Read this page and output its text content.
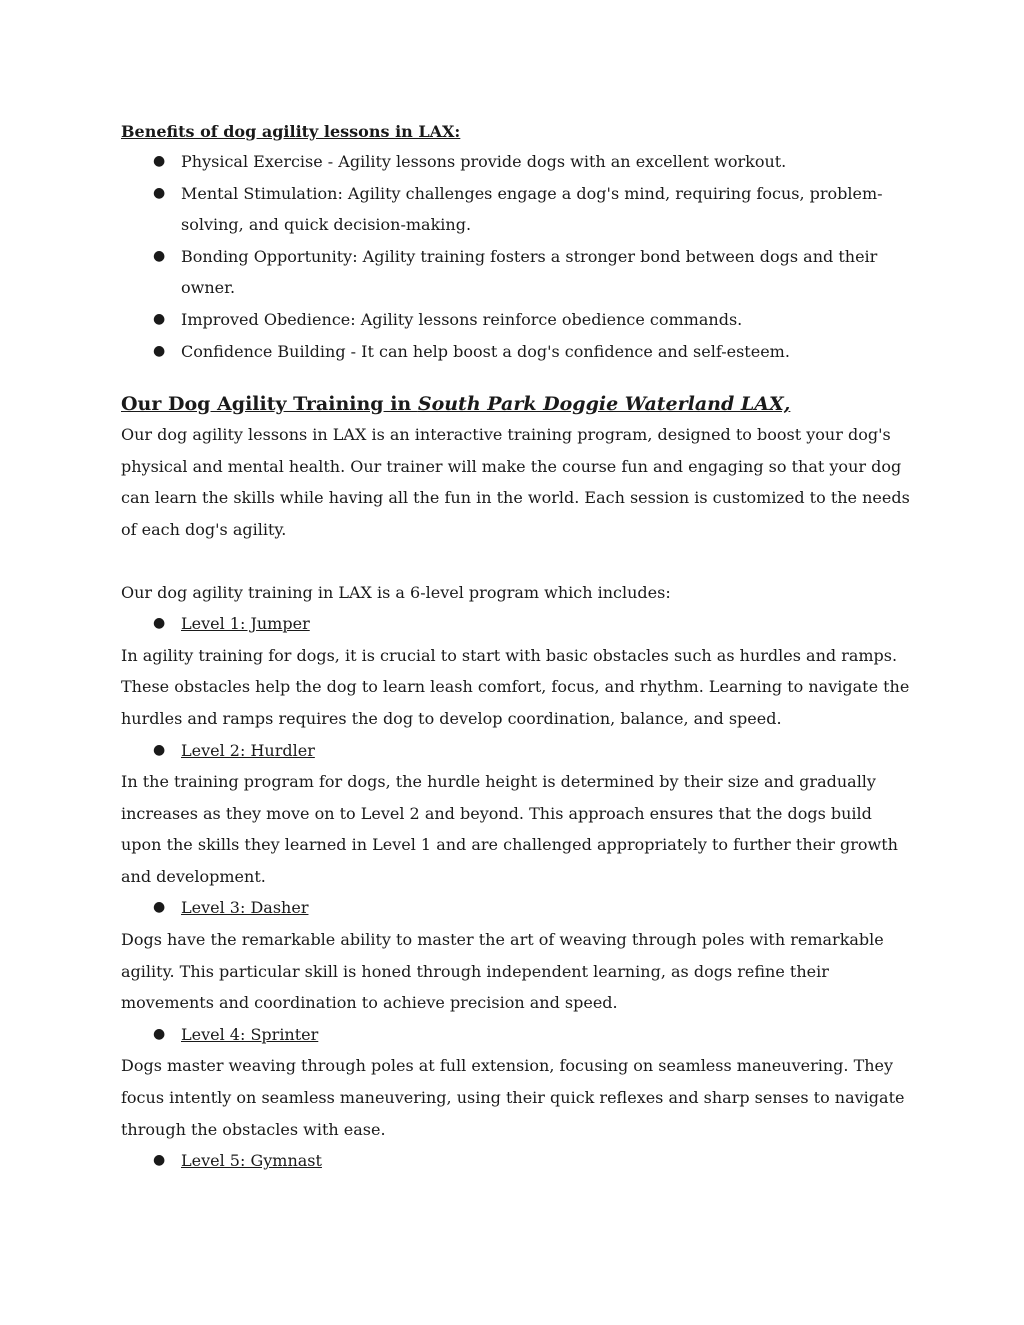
Benefits of dog agility lessons in LAX:
● Physical Exercise - Agility lessons provide dogs with an excellent workout.
● Mental Stimulation: Agility challenges engage a dog's mind, requiring focus, problem-solving, and quick decision-making.
● Bonding Opportunity: Agility training fosters a stronger bond between dogs and their owner.
● Improved Obedience: Agility lessons reinforce obedience commands.
● Confidence Building - It can help boost a dog's confidence and self-esteem.
Our Dog Agility Training in South Park Doggie Waterland LAX,

Our dog agility lessons in LAX is an interactive training program, designed to boost your dog's physical and mental health. Our trainer will make the course fun and engaging so that your dog can learn the skills while having all the fun in the world. Each session is customized to the needs of each dog's agility.

Our dog agility training in LAX is a 6-level program which includes:

● Level 1: Jumper

In agility training for dogs, it is crucial to start with basic obstacles such as hurdles and ramps. These obstacles help the dog to learn leash comfort, focus, and rhythm. Learning to navigate the hurdles and ramps requires the dog to develop coordination, balance, and speed.

● Level 2: Hurdler

In the training program for dogs, the hurdle height is determined by their size and gradually increases as they move on to Level 2 and beyond. This approach ensures that the dogs build upon the skills they learned in Level 1 and are challenged appropriately to further their growth and development.

● Level 3: Dasher

Dogs have the remarkable ability to master the art of weaving through poles with remarkable agility. This particular skill is honed through independent learning, as dogs refine their movements and coordination to achieve precision and speed.

● Level 4: Sprinter

Dogs master weaving through poles at full extension, focusing on seamless maneuvering. They focus intently on seamless maneuvering, using their quick reflexes and sharp senses to navigate through the obstacles with ease.

● Level 5: Gymnast
